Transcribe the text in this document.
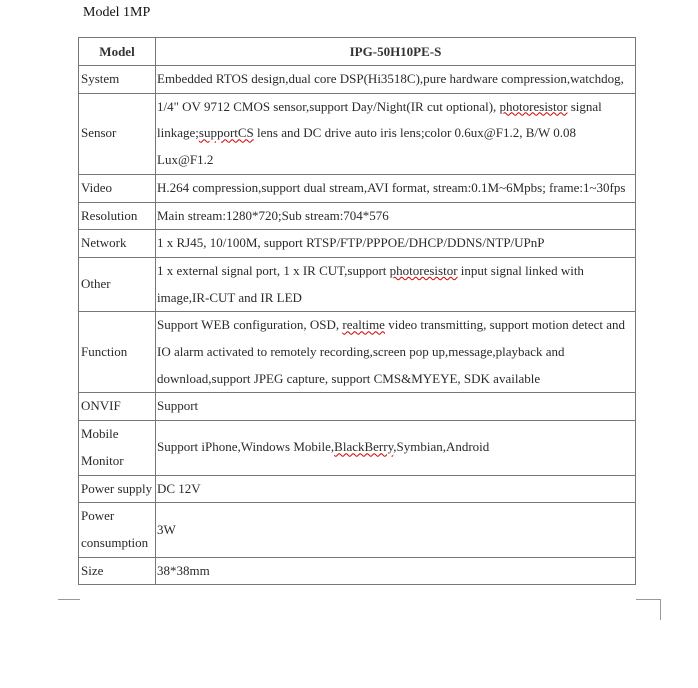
Model 1MP
Model	IPG-50H10PE-S
System	Embedded RTOS design,dual core DSP(Hi3518C),pure hardware compression,watchdog,
Sensor	1/4" OV 9712 CMOS sensor,support Day/Night(IR cut optional), photoresistor signal linkage;supportCS lens and DC drive auto iris lens;color 0.6ux@F1.2, B/W 0.08 Lux@F1.2
Video	H.264 compression,support dual stream,AVI format, stream:0.1M~6Mpbs; frame:1~30fps
Resolution	Main stream:1280*720;Sub stream:704*576
Network	1 x RJ45, 10/100M, support RTSP/FTP/PPPOE/DHCP/DDNS/NTP/UPnP
Other	1 x external signal port, 1 x IR CUT,support photoresistor input signal linked with image,IR-CUT and IR LED
Function	Support WEB configuration, OSD, realtime video transmitting, support motion detect and IO alarm activated to remotely recording,screen pop up,message,playback and download,support JPEG capture, support CMS&MYEYE, SDK available
ONVIF	Support
Mobile Monitor	Support iPhone,Windows Mobile,BlackBerry,Symbian,Android
Power supply	DC 12V
Power consumption	3W
Size	38*38mm
